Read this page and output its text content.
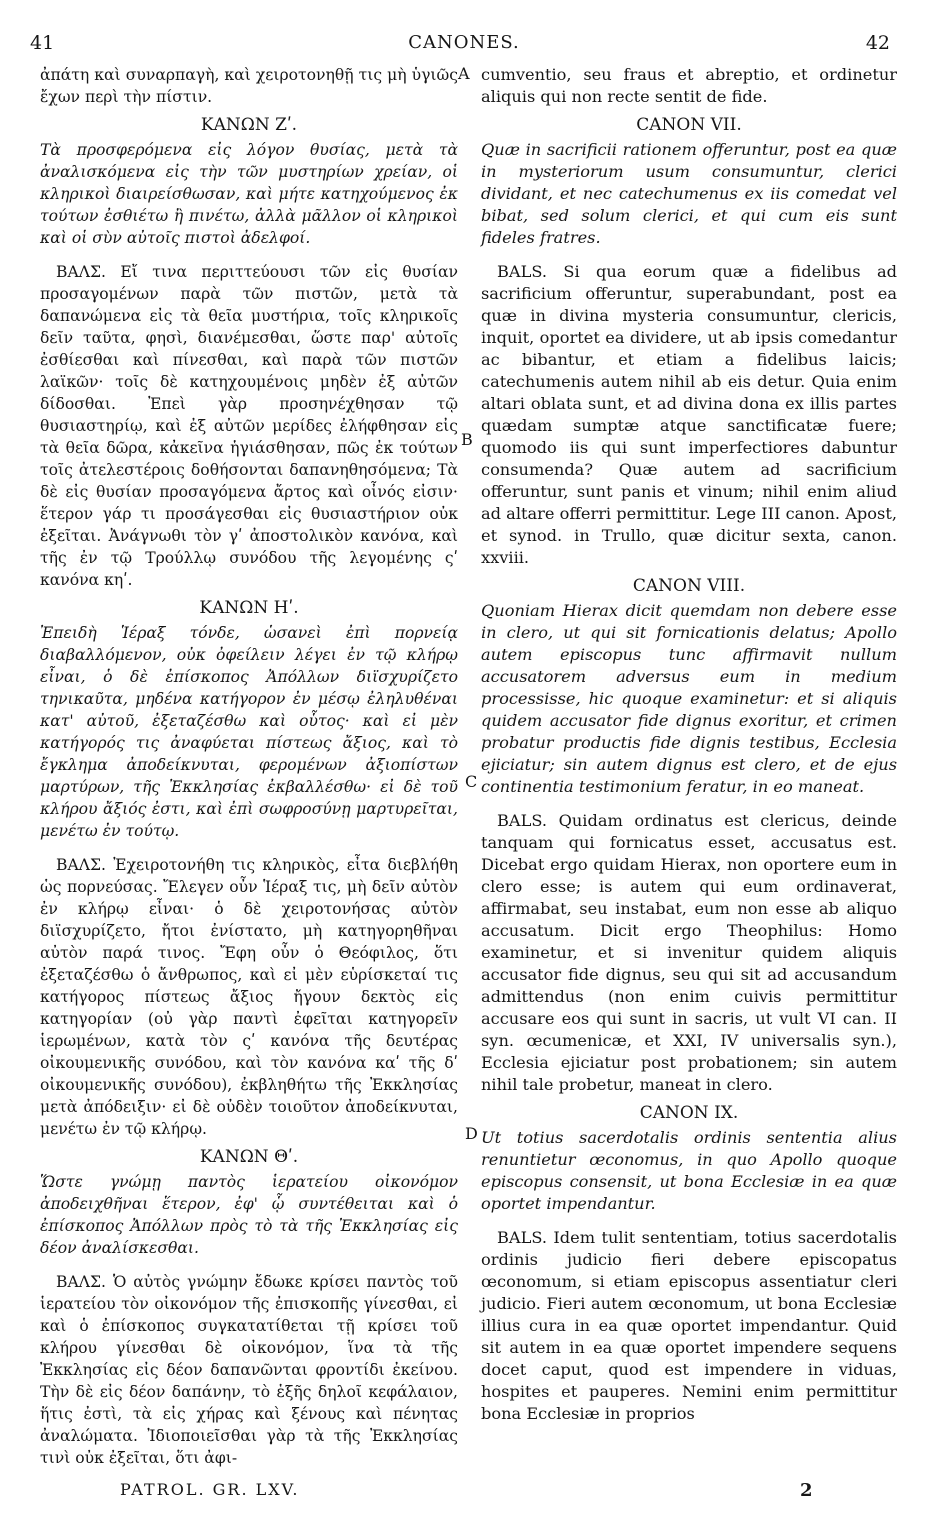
41	CANONES.	42

ἀπάτη καὶ συναρπαγὴ, καὶ χειροτονηθῇ τις μὴ ὑγιῶς ἔχων περὶ τὴν πίστιν.

ΚΑΝΩΝ Ζʹ.

Τὰ προσφερόμενα εἰς λόγον θυσίας, μετὰ τὰ ἀναλισκόμενα εἰς τὴν τῶν μυστηρίων χρείαν, οἱ κληρικοὶ διαιρείσθωσαν, καὶ μήτε κατηχούμενος ἐκ τούτων ἐσθιέτω ἢ πινέτω, ἀλλὰ μᾶλλον οἱ κληρικοὶ καὶ οἱ σὺν αὐτοῖς πιστοὶ ἀδελφοί.

ΒΑΛΣ. Εἴ τινα περιττεύουσι τῶν εἰς θυσίαν προσαγομένων παρὰ τῶν πιστῶν, μετὰ τὰ δαπανώμενα εἰς τὰ θεῖα μυστήρια, τοῖς κληρικοῖς δεῖν ταῦτα, φησὶ, διανέμεσθαι, ὥστε παρ' αὐτοῖς ἐσθίεσθαι καὶ πίνεσθαι, καὶ παρὰ τῶν πιστῶν λαϊκῶν· τοῖς δὲ κατηχουμένοις μηδὲν ἐξ αὐτῶν δίδοσθαι. Ἐπεὶ γὰρ προσηνέχθησαν τῷ θυσιαστηρίῳ, καὶ ἐξ αὐτῶν μερίδες ἐλήφθησαν εἰς τὰ θεῖα δῶρα, κἀκεῖνα ἡγιάσθησαν, πῶς ἐκ τούτων τοῖς ἀτελεστέροις δοθήσονται δαπανηθησόμενα; Τὰ δὲ εἰς θυσίαν προσαγόμενα ἄρτος καὶ οἶνός εἰσιν· ἕτερον γάρ τι προσάγεσθαι εἰς θυσιαστήριον οὐκ ἐξεῖται. Ἀνάγνωθι τὸν γʹ ἀποστολικὸν κανόνα, καὶ τῆς ἐν τῷ Τρούλλῳ συνόδου τῆς λεγομένης ςʹ κανόνα κηʹ.

ΚΑΝΩΝ Ηʹ.

Ἐπειδὴ Ἱέραξ τόνδε, ὡσανεὶ ἐπὶ πορνείᾳ διαβαλλόμενον, οὐκ ὀφείλειν λέγει ἐν τῷ κλήρῳ εἶναι, ὁ δὲ ἐπίσκοπος Ἀπόλλων διϊσχυρίζετο τηνικαῦτα, μηδένα κατήγορον ἐν μέσῳ ἐληλυθέναι κατ' αὐτοῦ, ἐξεταζέσθω καὶ οὗτος· καὶ εἰ μὲν κατήγορός τις ἀναφύεται πίστεως ἄξιος, καὶ τὸ ἔγκλημα ἀποδείκνυται, φερομένων ἀξιοπίστων μαρτύρων, τῆς Ἐκκλησίας ἐκβαλλέσθω· εἰ δὲ τοῦ κλήρου ἄξιός ἐστι, καὶ ἐπὶ σωφροσύνῃ μαρτυρεῖται, μενέτω ἐν τούτῳ.

ΒΑΛΣ. Ἐχειροτονήθη τις κληρικὸς, εἶτα διεβλήθη ὡς πορνεύσας. Ἔλεγεν οὖν Ἱέραξ τις, μὴ δεῖν αὐτὸν ἐν κλήρῳ εἶναι· ὁ δὲ χειροτονήσας αὐτὸν διϊσχυρίζετο, ἤτοι ἐνίστατο, μὴ κατηγορηθῆναι αὐτὸν παρά τινος. Ἔφη οὖν ὁ Θεόφιλος, ὅτι ἐξεταζέσθω ὁ ἄνθρωπος, καὶ εἰ μὲν εὑρίσκεταί τις κατήγορος πίστεως ἄξιος ἤγουν δεκτὸς εἰς κατηγορίαν (οὐ γὰρ παντὶ ἐφεῖται κατηγορεῖν ἱερωμένων, κατὰ τὸν ςʹ κανόνα τῆς δευτέρας οἰκουμενικῆς συνόδου, καὶ τὸν κανόνα καʹ τῆς δʹ οἰκουμενικῆς συνόδου), ἐκβληθήτω τῆς Ἐκκλησίας μετὰ ἀπόδειξιν· εἰ δὲ οὐδὲν τοιοῦτον ἀποδείκνυται, μενέτω ἐν τῷ κλήρῳ.

ΚΑΝΩΝ Θʹ.

Ὥστε γνώμῃ παντὸς ἱερατείου οἰκονόμον ἀποδειχθῆναι ἕτερον, ἐφ' ᾧ συντέθειται καὶ ὁ ἐπίσκοπος Ἀπόλλων πρὸς τὸ τὰ τῆς Ἐκκλησίας εἰς δέον ἀναλίσκεσθαι.

ΒΑΛΣ. Ὁ αὐτὸς γνώμην ἔδωκε κρίσει παντὸς τοῦ ἱερατείου τὸν οἰκονόμον τῆς ἐπισκοπῆς γίνεσθαι, εἰ καὶ ὁ ἐπίσκοπος συγκατατίθεται τῇ κρίσει τοῦ κλήρου γίνεσθαι δὲ οἰκονόμον, ἵνα τὰ τῆς Ἐκκλησίας εἰς δέον δαπανῶνται φροντίδι ἐκείνου. Τὴν δὲ εἰς δέον δαπάνην, τὸ ἑξῆς δηλοῖ κεφάλαιον, ἥτις ἐστὶ, τὰ εἰς χήρας καὶ ξένους καὶ πένητας ἀναλώματα. Ἰδιοποιεῖσθαι γὰρ τὰ τῆς Ἐκκλησίας τινὶ οὐκ ἐξεῖται, ὅτι ἀφι-

A
B
C
D

cumventio, seu fraus et abreptio, et ordinetur aliquis qui non recte sentit de fide.

CANON VII.

Quæ in sacrificii rationem offeruntur, post ea quæ in mysteriorum usum consumuntur, clerici dividant, et nec catechumenus ex iis comedat vel bibat, sed solum clerici, et qui cum eis sunt fideles fratres.

BALS. Si qua eorum quæ a fidelibus ad sacrificium offeruntur, superabundant, post ea quæ in divina mysteria consumuntur, clericis, inquit, oportet ea dividere, ut ab ipsis comedantur ac bibantur, et etiam a fidelibus laicis; catechumenis autem nihil ab eis detur. Quia enim altari oblata sunt, et ad divina dona ex illis partes quædam sumptæ atque sanctificatæ fuere; quomodo iis qui sunt imperfectiores dabuntur consumenda? Quæ autem ad sacrificium offeruntur, sunt panis et vinum; nihil enim aliud ad altare offerri permittitur. Lege III canon. Apost, et synod. in Trullo, quæ dicitur sexta, canon. xxviii.

CANON VIII.

Quoniam Hierax dicit quemdam non debere esse in clero, ut qui sit fornicationis delatus; Apollo autem episcopus tunc affirmavit nullum accusatorem adversus eum in medium processisse, hic quoque examinetur: et si aliquis quidem accusator fide dignus exoritur, et crimen probatur productis fide dignis testibus, Ecclesia ejiciatur; sin autem dignus est clero, et de ejus continentia testimonium feratur, in eo maneat.

BALS. Quidam ordinatus est clericus, deinde tanquam qui fornicatus esset, accusatus est. Dicebat ergo quidam Hierax, non oportere eum in clero esse; is autem qui eum ordinaverat, affirmabat, seu instabat, eum non esse ab aliquo accusatum. Dicit ergo Theophilus: Homo examinetur, et si invenitur quidem aliquis accusator fide dignus, seu qui sit ad accusandum admittendus (non enim cuivis permittitur accusare eos qui sunt in sacris, ut vult VI can. II syn. œcumenicæ, et XXI, IV universalis syn.), Ecclesia ejiciatur post probationem; sin autem nihil tale probetur, maneat in clero.

CANON IX.

Ut totius sacerdotalis ordinis sententia alius renuntietur œconomus, in quo Apollo quoque episcopus consensit, ut bona Ecclesiæ in ea quæ oportet impendantur.

BALS. Idem tulit sententiam, totius sacerdotalis ordinis judicio fieri debere episcopatus œconomum, si etiam episcopus assentiatur cleri judicio. Fieri autem œconomum, ut bona Ecclesiæ illius cura in ea quæ oportet impendantur. Quid sit autem in ea quæ oportet impendere sequens docet caput, quod est impendere in viduas, hospites et pauperes. Nemini enim permittitur bona Ecclesiæ in proprios

PATROL. GR. LXV.	2
